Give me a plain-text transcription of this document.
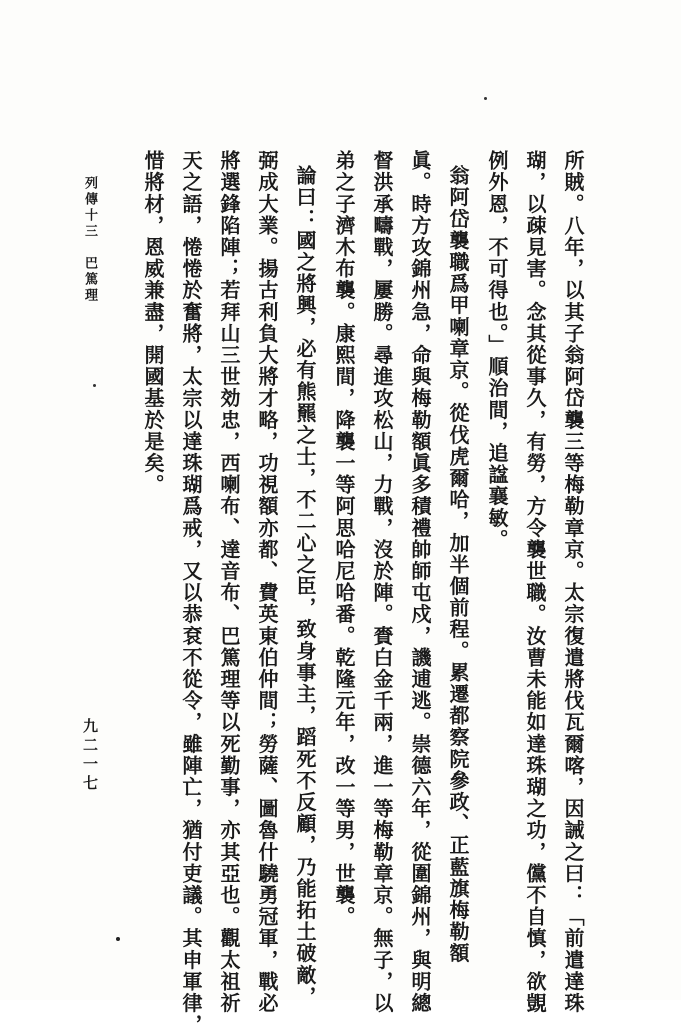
所賊。八年，以其子翁阿岱襲三等梅勒章京。太宗復遣將伐瓦爾喀，因誡之曰：「前遣達珠
瑚，以疎見害。念其從事久，有勞，方令襲世職。汝曹未能如達珠瑚之功，儻不自慎，欲覬
例外恩，不可得也。」順治間，追諡襄敏。
翁阿岱襲職爲甲喇章京。從伐虎爾哈，加半個前程。累遷都察院參政、正藍旗梅勒額
眞。時方攻錦州急，命與梅勒額眞多積禮帥師屯戍，譏逋逃。崇德六年，從圍錦州，與明總
督洪承疇戰，屢勝。尋進攻松山，力戰，沒於陣。賚白金千兩，進一等梅勒章京。無子，以
弟之子濟木布襲。康熙間，降襲一等阿思哈尼哈番。乾隆元年，改一等男，世襲。
論曰：國之將興，必有熊羆之士，不二心之臣，致身事主，蹈死不反顧，乃能拓土破敵，
弼成大業。揚古利負大將才略，功視額亦都、費英東伯仲間；勞薩、圖魯什驍勇冠軍，戰必
將選鋒陷陣；若拜山三世効忠，西喇布、達音布、巴篤理等以死勤事，亦其亞也。觀太祖祈
天之語，惓惓於奮將，太宗以達珠瑚爲戒，又以恭袞不從令，雖陣亡，猶付吏議。其申軍律，
惜將材，恩威兼盡，開國基於是矣。
列傳十三　巴篤理
九二一七
